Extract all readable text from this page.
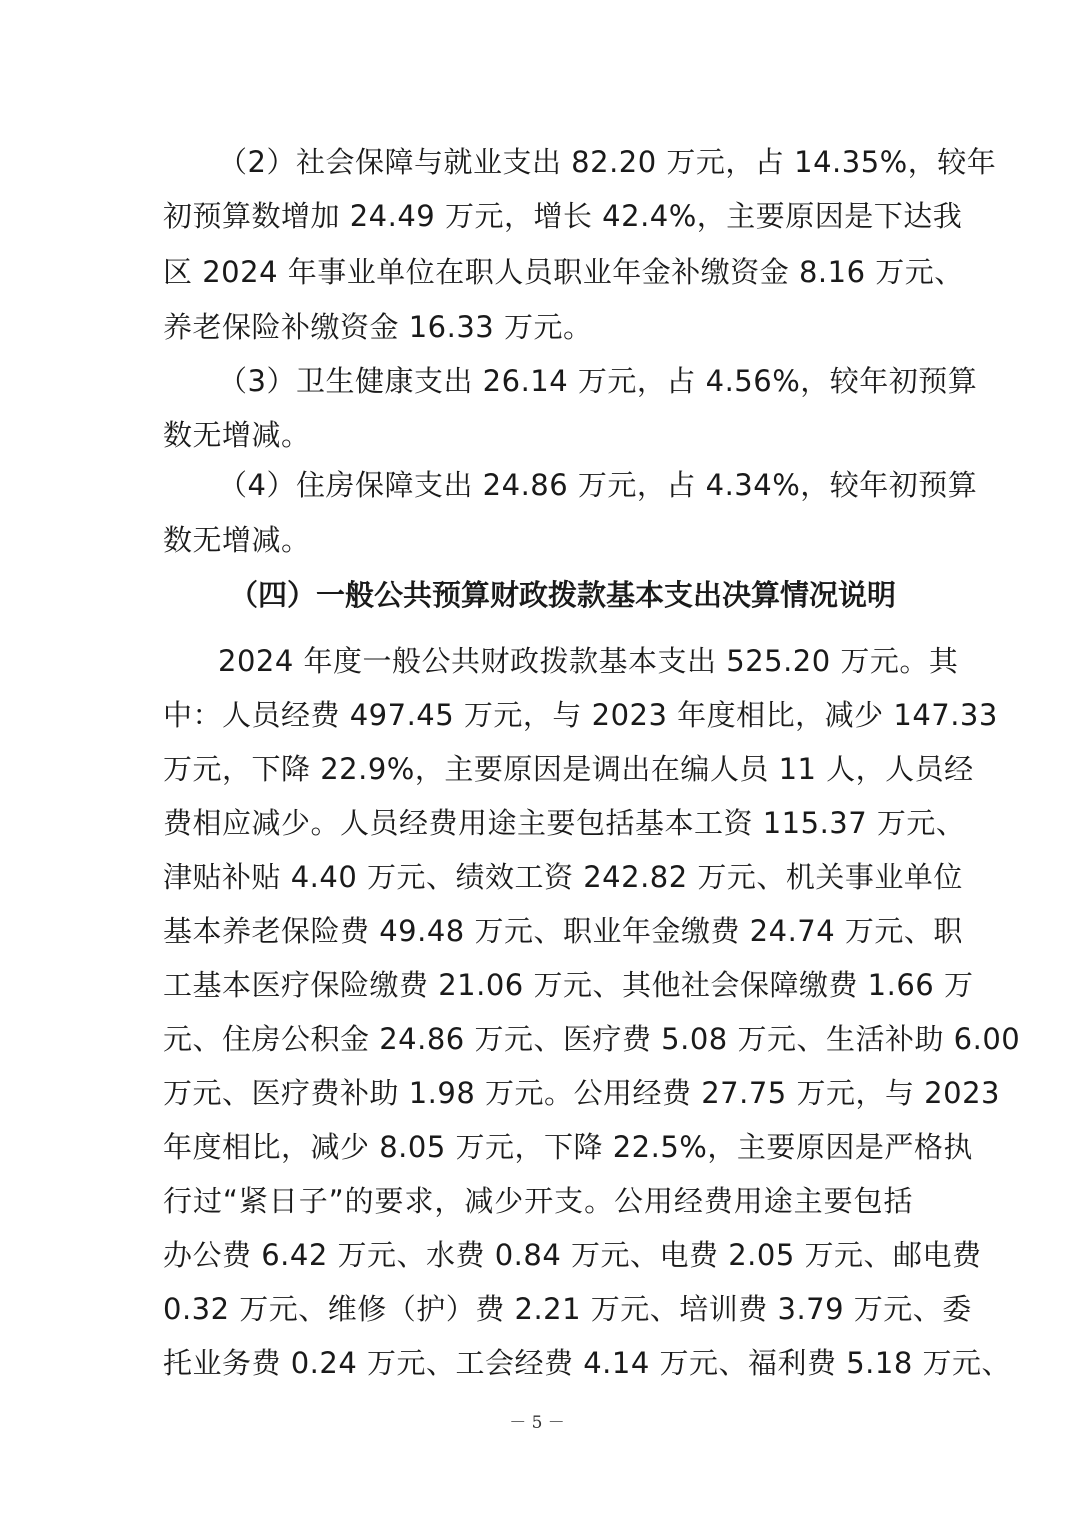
（2）社会保障与就业支出 82.20 万元，占 14.35%，较年
初预算数增加 24.49 万元，增长 42.4%，主要原因是下达我
区 2024 年事业单位在职人员职业年金补缴资金 8.16 万元、
养老保险补缴资金 16.33 万元。
（3）卫生健康支出 26.14 万元，占 4.56%，较年初预算
数无增减。
（4）住房保障支出 24.86 万元，占 4.34%，较年初预算
数无增减。
（四）一般公共预算财政拨款基本支出决算情况说明
2024 年度一般公共财政拨款基本支出 525.20 万元。其
中：人员经费 497.45 万元，与 2023 年度相比，减少 147.33
万元，下降 22.9%，主要原因是调出在编人员 11 人，人员经
费相应减少。人员经费用途主要包括基本工资 115.37 万元、
津贴补贴 4.40 万元、绩效工资 242.82 万元、机关事业单位
基本养老保险费 49.48 万元、职业年金缴费 24.74 万元、职
工基本医疗保险缴费 21.06 万元、其他社会保障缴费 1.66 万
元、住房公积金 24.86 万元、医疗费 5.08 万元、生活补助 6.00
万元、医疗费补助 1.98 万元。公用经费 27.75 万元，与 2023
年度相比，减少 8.05 万元，下降 22.5%，主要原因是严格执
行过“紧日子”的要求，减少开支。公用经费用途主要包括
办公费 6.42 万元、水费 0.84 万元、电费 2.05 万元、邮电费
0.32 万元、维修（护）费 2.21 万元、培训费 3.79 万元、委
托业务费 0.24 万元、工会经费 4.14 万元、福利费 5.18 万元、
－ 5 －
